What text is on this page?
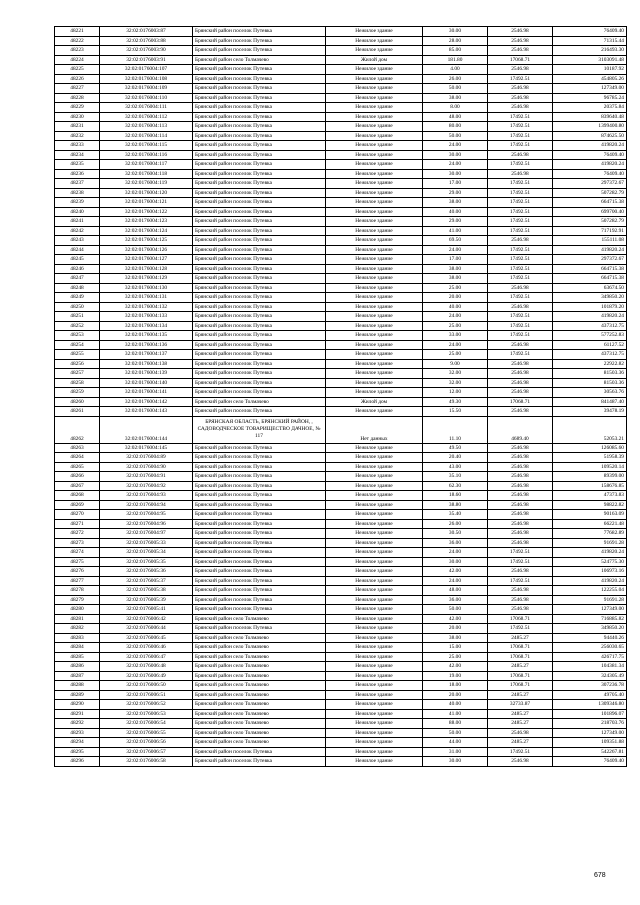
48221	32:02:0176003:87	Брянский район поселок Путевка	Нежилое здание	30.00	2546.98	76409.40
48222	32:02:0176003:88	Брянский район поселок Путевка	Нежилое здание	28.00	2546.98	71315.44
48223	32:02:0176003:90	Брянский район поселок Путевка	Нежилое здание	85.00	2546.98	216493.30
48224	32:02:0176003:91	Брянский район село Толмачево	Жилой дом	181.80	17068.71	3103091.48
48225	32:02:0176004:107	Брянский район поселок Путевка	Нежилое здание	4.00	2546.98	10187.92
48226	32:02:0176004:108	Брянский район поселок Путевка	Нежилое здание	26.00	17492.51	454805.26
48227	32:02:0176004:109	Брянский район поселок Путевка	Нежилое здание	50.00	2546.98	127349.00
48228	32:02:0176004:110	Брянский район поселок Путевка	Нежилое здание	38.00	2546.98	96785.24
48229	32:02:0176004:111	Брянский район поселок Путевка	Нежилое здание	8.00	2546.98	20375.84
48230	32:02:0176004:112	Брянский район поселок Путевка	Нежилое здание	48.00	17492.51	839640.48
48231	32:02:0176004:113	Брянский район поселок Путевка	Нежилое здание	80.00	17492.51	1399400.80
48232	32:02:0176004:114	Брянский район поселок Путевка	Нежилое здание	50.00	17492.51	874625.50
48233	32:02:0176004:115	Брянский район поселок Путевка	Нежилое здание	24.00	17492.51	419820.24
48234	32:02:0176004:116	Брянский район поселок Путевка	Нежилое здание	30.00	2546.98	76409.40
48235	32:02:0176004:117	Брянский район поселок Путевка	Нежилое здание	24.00	17492.51	419820.24
48236	32:02:0176004:118	Брянский район поселок Путевка	Нежилое здание	30.00	2546.98	76409.40
48237	32:02:0176004:119	Брянский район поселок Путевка	Нежилое здание	17.00	17492.51	297372.67
48238	32:02:0176004:120	Брянский район поселок Путевка	Нежилое здание	29.00	17492.51	507282.79
48239	32:02:0176004:121	Брянский район поселок Путевка	Нежилое здание	38.00	17492.51	664715.38
48240	32:02:0176004:122	Брянский район поселок Путевка	Нежилое здание	40.00	17492.51	699700.40
48241	32:02:0176004:123	Брянский район поселок Путевка	Нежилое здание	29.00	17492.51	507282.79
48242	32:02:0176004:124	Брянский район поселок Путевка	Нежилое здание	41.00	17492.51	717192.91
48243	32:02:0176004:125	Брянский район поселок Путевка	Нежилое здание	69.50	2546.98	155111.08
48244	32:02:0176004:126	Брянский район поселок Путевка	Нежилое здание	24.00	17492.51	419820.24
48245	32:02:0176004:127	Брянский район поселок Путевка	Нежилое здание	17.00	17492.51	297372.67
48246	32:02:0176004:128	Брянский район поселок Путевка	Нежилое здание	38.00	17492.51	664715.38
48247	32:02:0176004:129	Брянский район поселок Путевка	Нежилое здание	38.00	17492.51	664715.38
48248	32:02:0176004:130	Брянский район поселок Путевка	Нежилое здание	25.00	2546.98	63674.50
48249	32:02:0176004:131	Брянский район поселок Путевка	Нежилое здание	20.00	17492.51	349850.20
48250	32:02:0176004:132	Брянский район поселок Путевка	Нежилое здание	40.00	2546.98	101879.20
48251	32:02:0176004:133	Брянский район поселок Путевка	Нежилое здание	24.00	17492.51	419820.24
48252	32:02:0176004:134	Брянский район поселок Путевка	Нежилое здание	25.00	17492.51	437312.75
48253	32:02:0176004:135	Брянский район поселок Путевка	Нежилое здание	33.00	17492.51	577252.83
48254	32:02:0176004:136	Брянский район поселок Путевка	Нежилое здание	24.00	2546.98	61127.52
48255	32:02:0176004:137	Брянский район поселок Путевка	Нежилое здание	25.00	17492.51	437312.75
48256	32:02:0176004:138	Брянский район поселок Путевка	Нежилое здание	9.00	2546.98	22922.82
48257	32:02:0176004:139	Брянский район поселок Путевка	Нежилое здание	32.00	2546.98	81503.36
48258	32:02:0176004:140	Брянский район поселок Путевка	Нежилое здание	32.00	2546.98	81503.36
48259	32:02:0176004:141	Брянский район поселок Путевка	Нежилое здание	12.00	2546.98	30563.76
48260	32:02:0176004:142	Брянский район село Толмачево	Жилой дом	49.30	17068.71	841487.40
48261	32:02:0176004:143	Брянский район поселок Путевка	Нежилое здание	15.50	2546.98	39478.19
48262	32:02:0176004:144	БРЯНСКАЯ ОБЛАСТЬ, БРЯНСКИЙ РАЙОН, , САДОВОДЧЕСКОЕ ТОВАРИЩЕСТВО ДАЧНОЕ, № 117	Нет данных	11.10	4689.40	52053.21
48263	32:02:0176004:145	Брянский район поселок Путевка	Нежилое здание	49.50	2546.98	126085.60
48264	32:02:0176004:89	Брянский район поселок Путевка	Нежилое здание	20.40	2546.98	51958.39
48265	32:02:0176004:90	Брянский район поселок Путевка	Нежилое здание	43.00	2546.98	109520.14
48266	32:02:0176004:91	Брянский район поселок Путевка	Нежилое здание	35.10	2546.98	89399.00
48267	32:02:0176004:92	Брянский район поселок Путевка	Нежилое здание	62.30	2546.98	158676.85
48268	32:02:0176004:93	Брянский район поселок Путевка	Нежилое здание	18.60	2546.98	47373.83
48269	32:02:0176004:94	Брянский район поселок Путевка	Нежилое здание	38.80	2546.98	98822.82
48270	32:02:0176004:95	Брянский район поселок Путевка	Нежилое здание	35.40	2546.98	90163.09
48271	32:02:0176004:96	Брянский район поселок Путевка	Нежилое здание	26.00	2546.98	66221.48
48272	32:02:0176004:97	Брянский район поселок Путевка	Нежилое здание	30.50	2546.98	77682.89
48273	32:02:0176005:33	Брянский район поселок Путевка	Нежилое здание	36.00	2546.98	91691.28
48274	32:02:0176005:34	Брянский район поселок Путевка	Нежилое здание	24.00	17492.51	419820.24
48275	32:02:0176005:35	Брянский район поселок Путевка	Нежилое здание	30.00	17492.51	524775.30
48276	32:02:0176005:36	Брянский район поселок Путевка	Нежилое здание	42.00	2546.98	106973.16
48277	32:02:0176005:37	Брянский район поселок Путевка	Нежилое здание	24.00	17492.51	419820.24
48278	32:02:0176005:38	Брянский район поселок Путевка	Нежилое здание	48.00	2546.98	122255.04
48279	32:02:0176005:39	Брянский район поселок Путевка	Нежилое здание	36.00	2546.98	91691.28
48280	32:02:0176005:41	Брянский район поселок Путевка	Нежилое здание	50.00	2546.98	127349.00
48281	32:02:0176006:42	Брянский район село Толмачево	Нежилое здание	42.00	17068.71	716885.82
48282	32:02:0176006:44	Брянский район поселок Путевка	Нежилое здание	20.00	17492.51	349850.20
48283	32:02:0176006:45	Брянский район село Толмачево	Нежилое здание	38.00	2485.27	94440.26
48284	32:02:0176006:46	Брянский район село Толмачево	Нежилое здание	15.00	17068.71	256030.65
48285	32:02:0176006:47	Брянский район село Толмачево	Нежилое здание	25.00	17068.71	426717.75
48286	32:02:0176006:48	Брянский район село Толмачево	Нежилое здание	42.00	2485.27	104381.34
48287	32:02:0176006:49	Брянский район село Толмачево	Нежилое здание	19.00	17068.71	324305.49
48288	32:02:0176006:50	Брянский район село Толмачево	Нежилое здание	18.00	17068.71	307236.78
48289	32:02:0176006:51	Брянский район село Толмачево	Нежилое здание	20.00	2485.27	49705.40
48290	32:02:0176006:52	Брянский район село Толмачево	Нежилое здание	40.00	32733.87	1309346.80
48291	32:02:0176006:53	Брянский район село Толмачево	Нежилое здание	41.00	2485.27	101896.07
48292	32:02:0176006:54	Брянский район село Толмачево	Нежилое здание	88.00	2485.27	218703.76
48293	32:02:0176006:55	Брянский район село Толмачево	Нежилое здание	50.00	2546.98	127349.00
48294	32:02:0176006:56	Брянский район село Толмачево	Нежилое здание	44.00	2485.27	109351.88
48295	32:02:0176006:57	Брянский район поселок Путевка	Нежилое здание	31.00	17492.51	542267.81
48296	32:02:0176006:58	Брянский район поселок Путевка	Нежилое здание	30.00	2546.98	76409.40
678
